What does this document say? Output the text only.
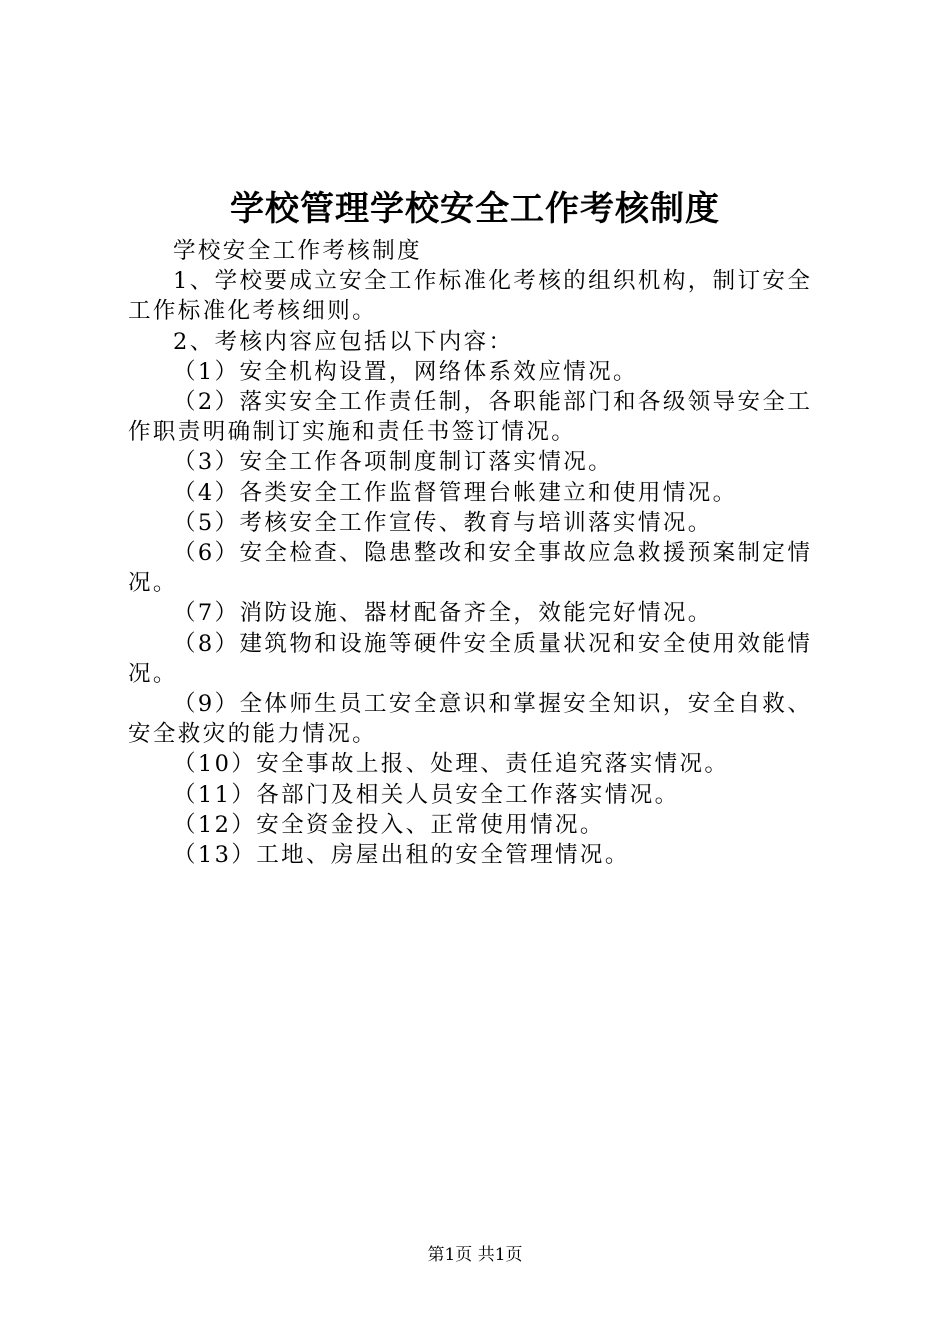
学校管理学校安全工作考核制度

学校安全工作考核制度

1、学校要成立安全工作标准化考核的组织机构，制订安全工作标准化考核细则。

2、考核内容应包括以下内容：

（1）安全机构设置，网络体系效应情况。

（2）落实安全工作责任制，各职能部门和各级领导安全工作职责明确制订实施和责任书签订情况。

（3）安全工作各项制度制订落实情况。

（4）各类安全工作监督管理台帐建立和使用情况。

（5）考核安全工作宣传、教育与培训落实情况。

（6）安全检查、隐患整改和安全事故应急救援预案制定情况。

（7）消防设施、器材配备齐全，效能完好情况。

（8）建筑物和设施等硬件安全质量状况和安全使用效能情况。

（9）全体师生员工安全意识和掌握安全知识，安全自救、安全救灾的能力情况。

（10）安全事故上报、处理、责任追究落实情况。

（11）各部门及相关人员安全工作落实情况。

（12）安全资金投入、正常使用情况。

（13）工地、房屋出租的安全管理情况。

第1页 共1页
